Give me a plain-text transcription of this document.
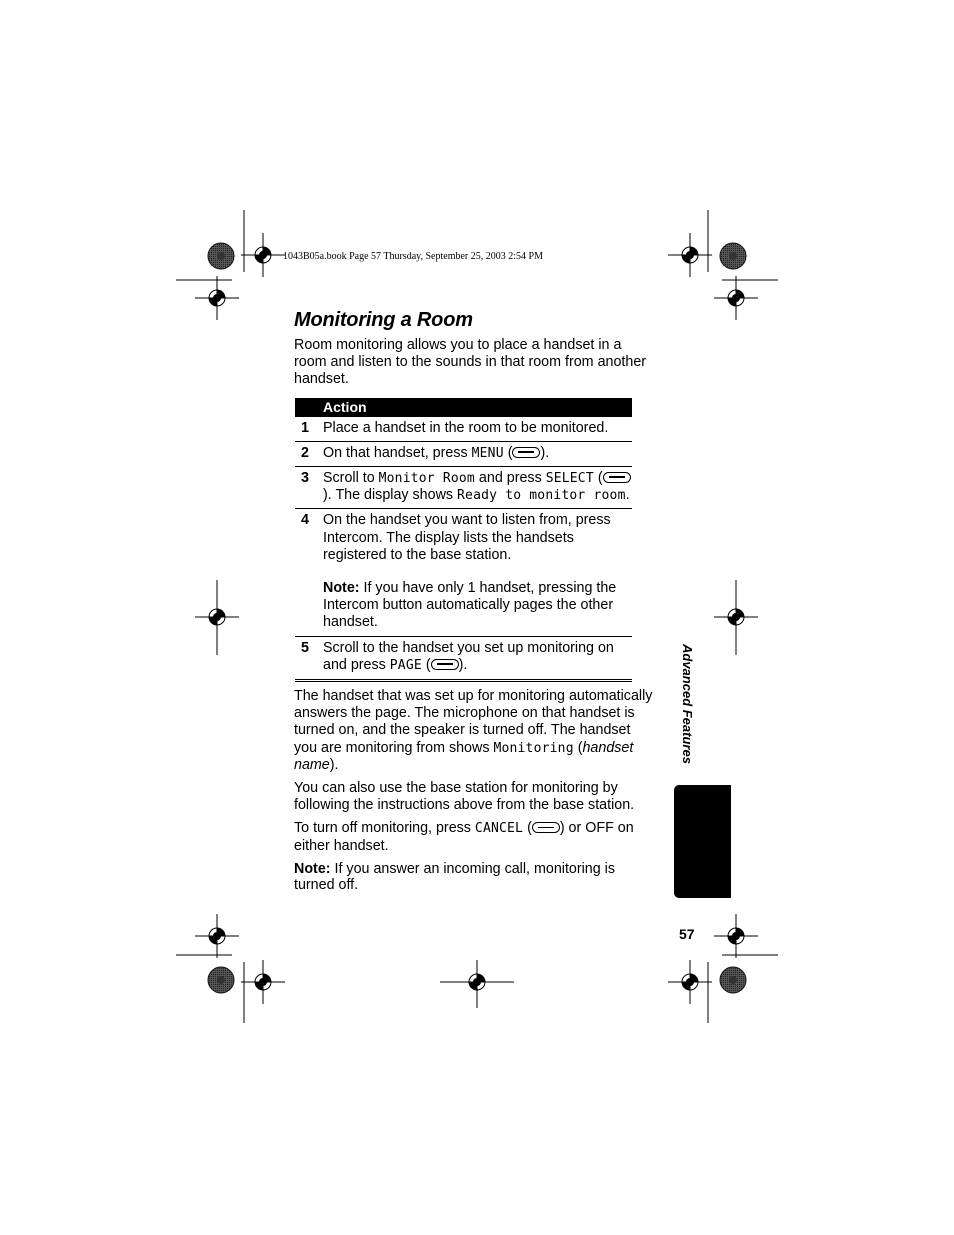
1043B05a.book Page 57 Thursday, September 25, 2003 2:54 PM
Monitoring a Room

Room monitoring allows you to place a handset in a room and listen to the sounds in that room from another handset.

	Action
1	Place a handset in the room to be monitored.
2	On that handset, press MENU ( ).
3	Scroll to Monitor Room and press SELECT (). The display shows Ready to monitor room.
4	On the handset you want to listen from, press Intercom. The display lists the handsets registered to the base station.
Note: If you have only 1 handset, pressing the Intercom button automatically pages the other handset.

5	Scroll to the handset you set up monitoring on and press PAGE ( ).

The handset that was set up for monitoring automatically answers the page. The microphone on that handset is turned on, and the speaker is turned off. The handset you are monitoring from shows Monitoring (handset name).

You can also use the base station for monitoring by following the instructions above from the base station.

To turn off monitoring, press CANCEL ( ) or OFF on either handset.

Note: If you answer an incoming call, monitoring is turned off.

Advanced Features
57
